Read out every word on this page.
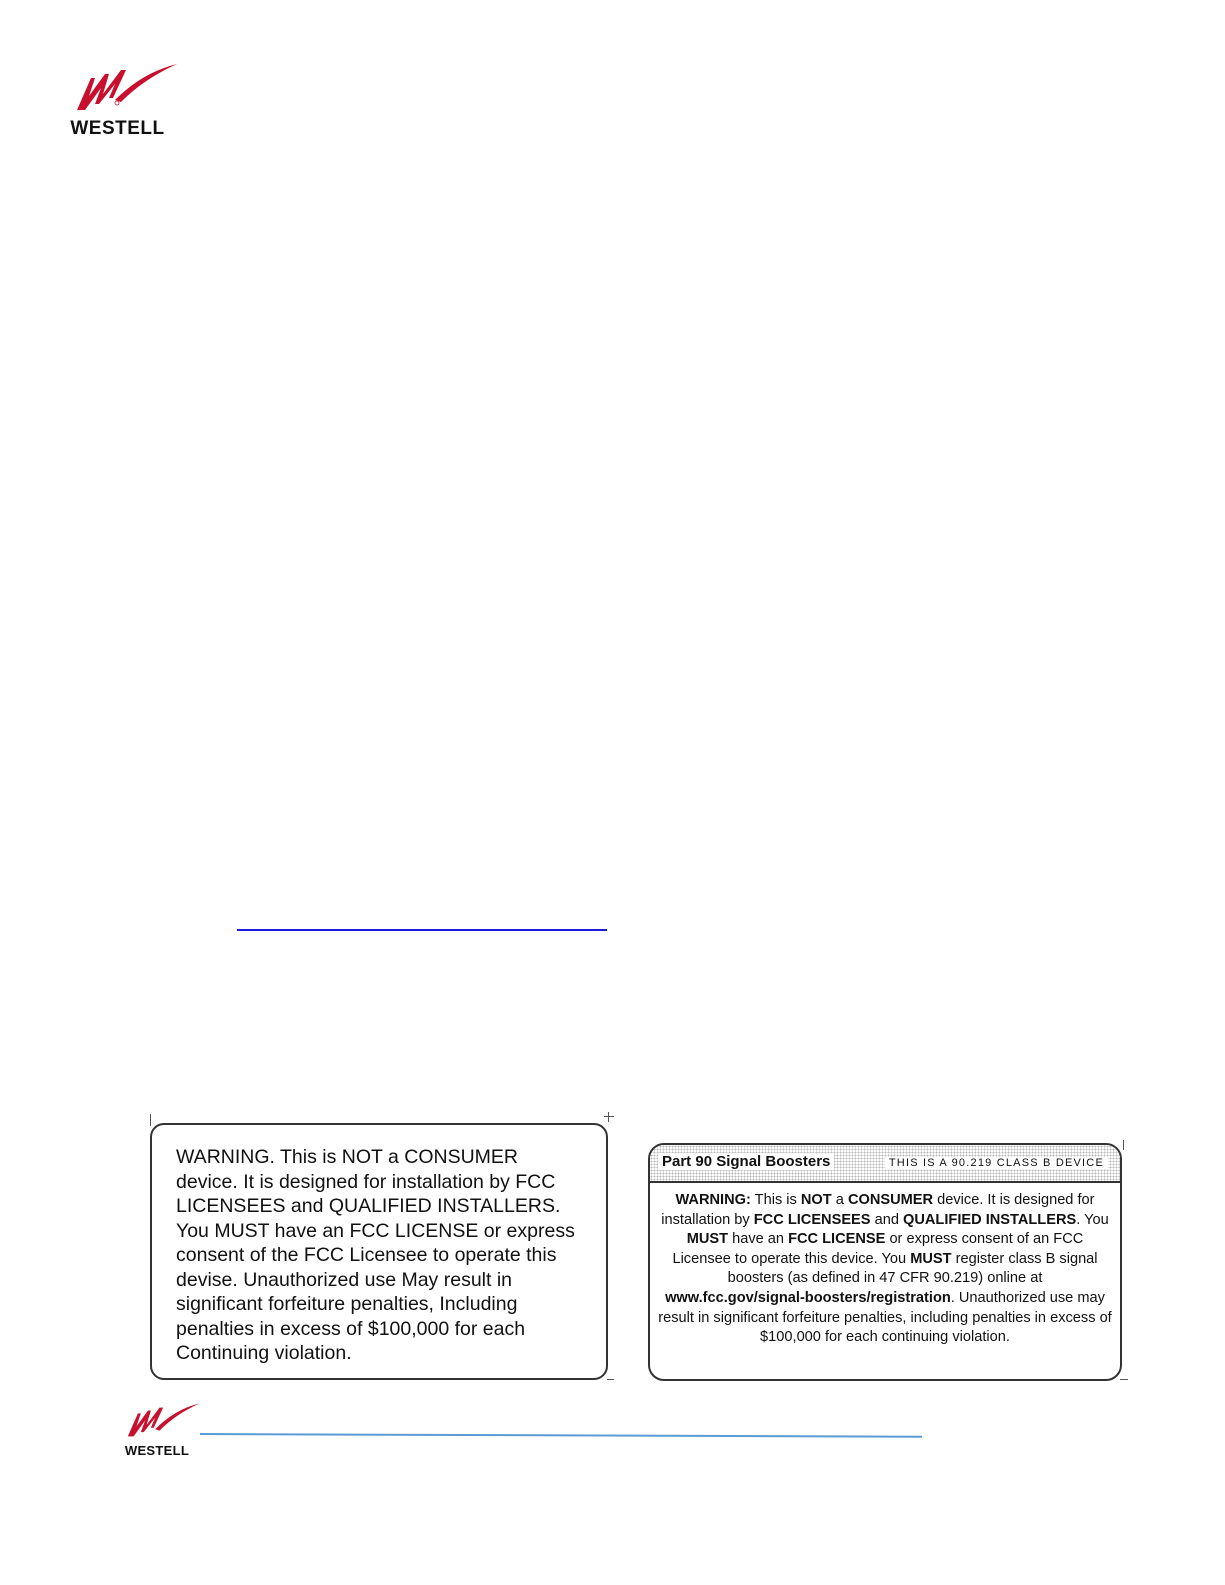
WESTELL

WARNING. This is NOT a CONSUMER
device. It is designed for installation by FCC
LICENSEES and QUALIFIED INSTALLERS.
You MUST have an FCC LICENSE or express
consent of the FCC Licensee to operate this
devise. Unauthorized use May result in
significant forfeiture penalties, Including
penalties in excess of $100,000 for each
Continuing violation.

Part 90 Signal Boosters	THIS IS A 90.219 CLASS B DEVICE
WARNING: This is NOT a CONSUMER device. It is designed for installation by FCC LICENSEES and QUALIFIED INSTALLERS. You MUST have an FCC LICENSE or express consent of an FCC Licensee to operate this device. You MUST register class B signal boosters (as defined in 47 CFR 90.219) online at www.fcc.gov/signal-boosters/registration. Unauthorized use may result in significant forfeiture penalties, including penalties in excess of $100,000 for each continuing violation.
WESTELL
